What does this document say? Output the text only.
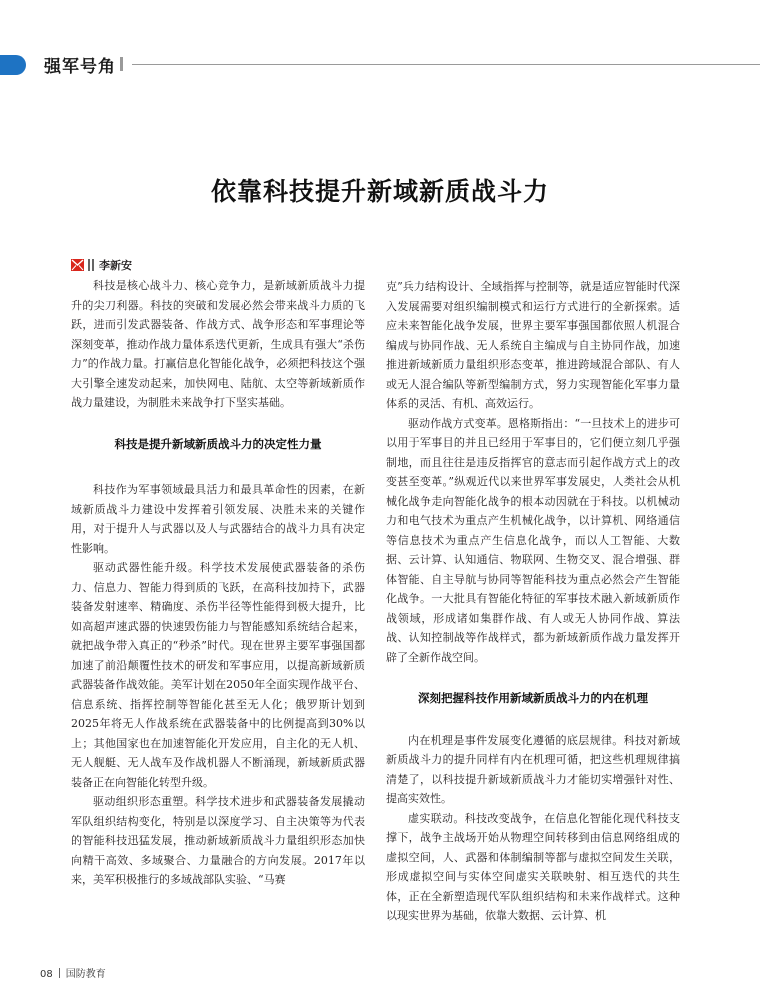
强军号角
依靠科技提升新域新质战斗力
李新安

科技是核心战斗力、核心竞争力，是新域新质战斗力提升的尖刀利器。科技的突破和发展必然会带来战斗力质的飞跃，进而引发武器装备、作战方式、战争形态和军事理论等深刻变革，推动作战力量体系迭代更新，生成具有强大“杀伤力”的作战力量。打赢信息化智能化战争，必须把科技这个强大引擎全速发动起来，加快网电、陆航、太空等新域新质作战力量建设，为制胜未来战争打下坚实基础。

科技是提升新域新质战斗力的决定性力量

科技作为军事领域最具活力和最具革命性的因素，在新域新质战斗力建设中发挥着引领发展、决胜未来的关键作用，对于提升人与武器以及人与武器结合的战斗力具有决定性影响。

驱动武器性能升级。科学技术发展使武器装备的杀伤力、信息力、智能力得到质的飞跃，在高科技加持下，武器装备发射速率、精确度、杀伤半径等性能得到极大提升，比如高超声速武器的快速毁伤能力与智能感知系统结合起来，就把战争带入真正的“秒杀”时代。现在世界主要军事强国都加速了前沿颠覆性技术的研发和军事应用，以提高新域新质武器装备作战效能。美军计划在2050年全面实现作战平台、信息系统、指挥控制等智能化甚至无人化；俄罗斯计划到2025年将无人作战系统在武器装备中的比例提高到30%以上；其他国家也在加速智能化开发应用，自主化的无人机、无人舰艇、无人战车及作战机器人不断涌现，新域新质武器装备正在向智能化转型升级。

驱动组织形态重塑。科学技术进步和武器装备发展撬动军队组织结构变化，特别是以深度学习、自主决策等为代表的智能科技迅猛发展，推动新域新质战斗力量组织形态加快向精干高效、多域聚合、力量融合的方向发展。2017年以来，美军积极推行的多域战部队实验、“马赛

克”兵力结构设计、全域指挥与控制等，就是适应智能时代深入发展需要对组织编制模式和运行方式进行的全新探索。适应未来智能化战争发展，世界主要军事强国都依照人机混合编成与协同作战、无人系统自主编成与自主协同作战，加速推进新域新质力量组织形态变革，推进跨域混合部队、有人或无人混合编队等新型编制方式，努力实现智能化军事力量体系的灵活、有机、高效运行。

驱动作战方式变革。恩格斯指出：“一旦技术上的进步可以用于军事目的并且已经用于军事目的，它们便立刻几乎强制地，而且往往是违反指挥官的意志而引起作战方式上的改变甚至变革。”纵观近代以来世界军事发展史，人类社会从机械化战争走向智能化战争的根本动因就在于科技。以机械动力和电气技术为重点产生机械化战争，以计算机、网络通信等信息技术为重点产生信息化战争，而以人工智能、大数据、云计算、认知通信、物联网、生物交叉、混合增强、群体智能、自主导航与协同等智能科技为重点必然会产生智能化战争。一大批具有智能化特征的军事技术融入新域新质作战领域，形成诸如集群作战、有人或无人协同作战、算法战、认知控制战等作战样式，都为新域新质作战力量发挥开辟了全新作战空间。

深刻把握科技作用新域新质战斗力的内在机理

内在机理是事件发展变化遵循的底层规律。科技对新域新质战斗力的提升同样有内在机理可循，把这些机理规律搞清楚了，以科技提升新域新质战斗力才能切实增强针对性、提高实效性。

虚实联动。科技改变战争，在信息化智能化现代科技支撑下，战争主战场开始从物理空间转移到由信息网络组成的虚拟空间，人、武器和体制编制等都与虚拟空间发生关联，形成虚拟空间与实体空间虚实关联映射、相互迭代的共生体，正在全新塑造现代军队组织结构和未来作战样式。这种以现实世界为基础，依靠大数据、云计算、机

08 国防教育
